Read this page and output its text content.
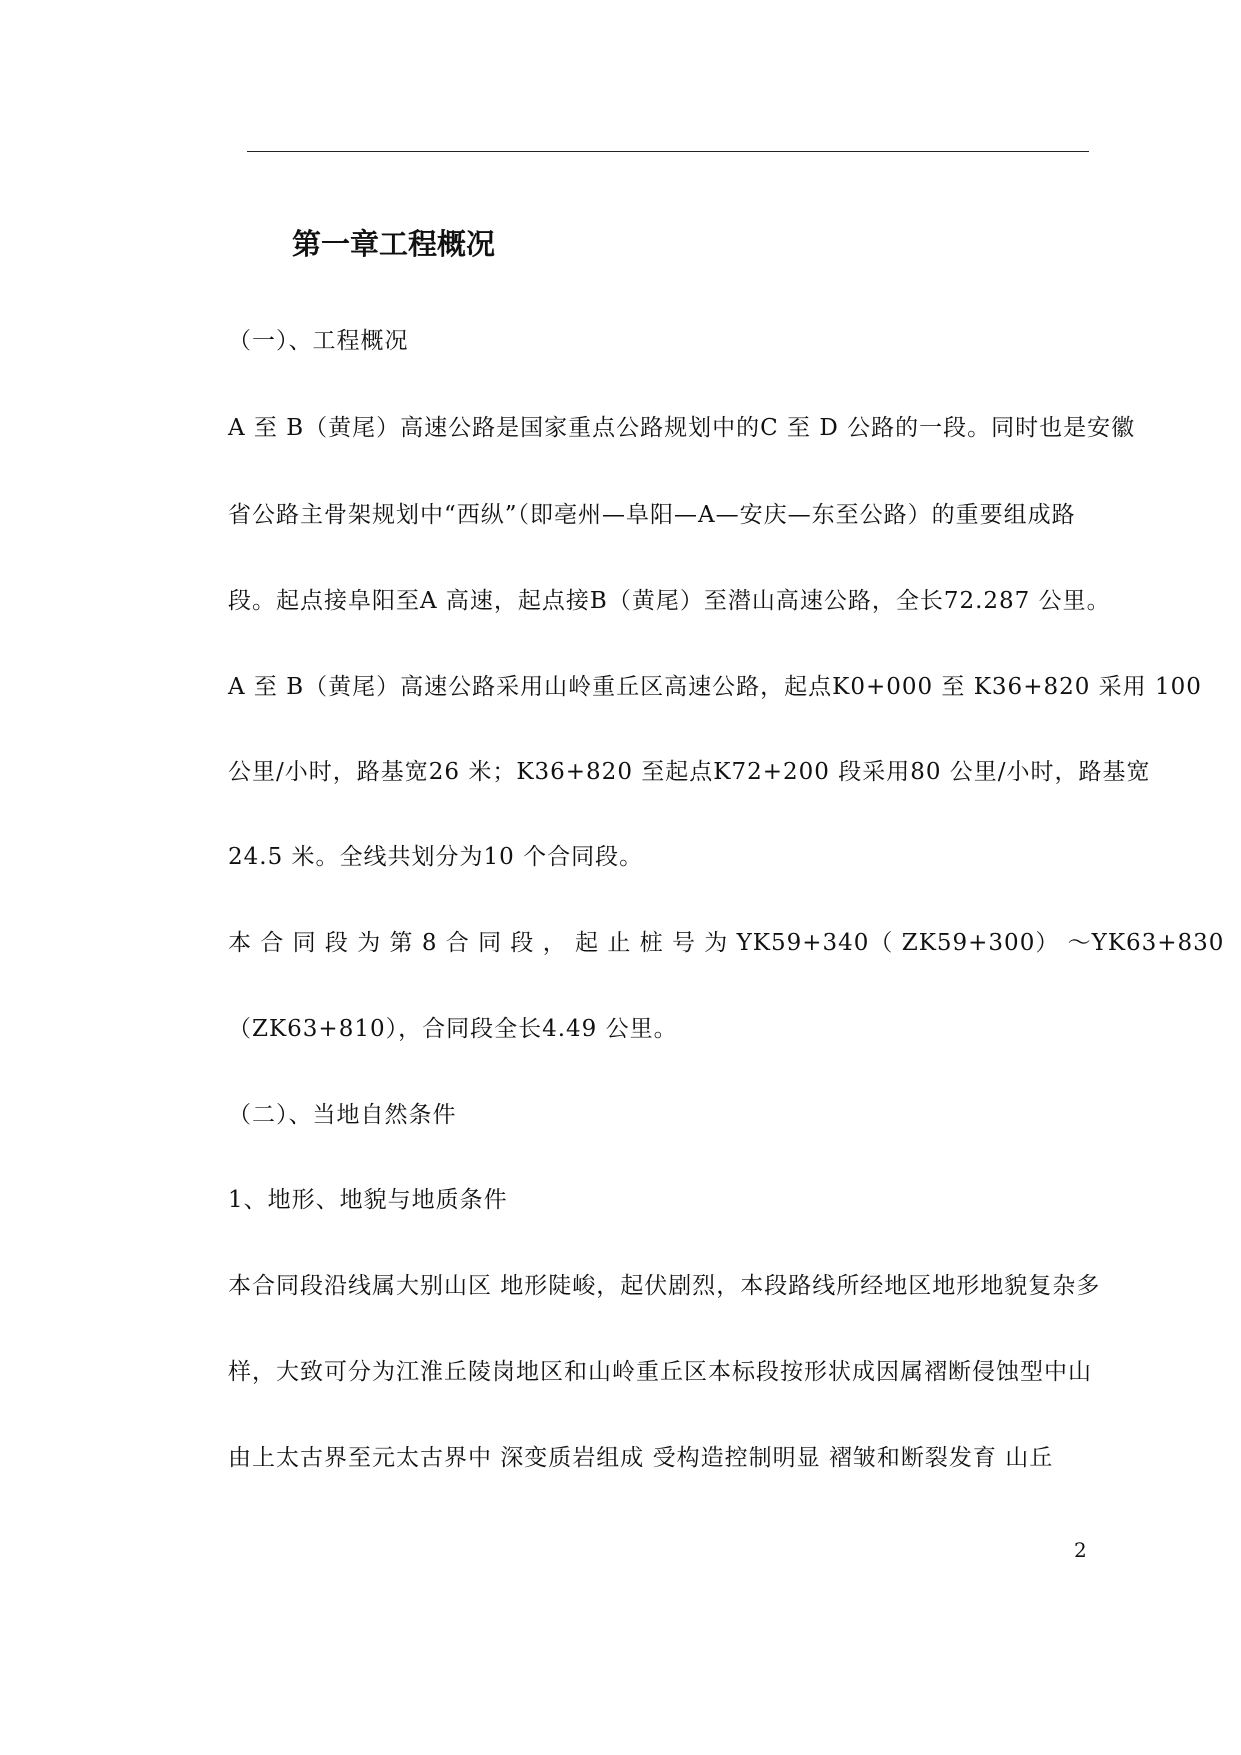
第一章工程概况
（一）、工程概况
A 至 B（黄尾）高速公路是国家重点公路规划中的C 至 D 公路的一段。同时也是安徽
省公路主骨架规划中“西纵”（即亳州—阜阳—A—安庆—东至公路）的重要组成路
段。起点接阜阳至A 高速，起点接B（黄尾）至潜山高速公路，全长72.287 公里。
A 至 B（黄尾）高速公路采用山岭重丘区高速公路，起点K0+000 至 K36+820 采用 100
公里/小时，路基宽26 米；K36+820 至起点K72+200 段采用80 公里/小时，路基宽
24.5 米。全线共划分为10 个合同段。
本 合 同 段 为 第 8 合 同 段 ， 起 止 桩 号 为 YK59+340（ ZK59+300） ～YK63+830
（ZK63+810），合同段全长4.49 公里。
（二）、当地自然条件
1、地形、地貌与地质条件
本合同段沿线属大别山区 地形陡峻，起伏剧烈，本段路线所经地区地形地貌复杂多
样，大致可分为江淮丘陵岗地区和山岭重丘区本标段按形状成因属褶断侵蚀型中山
由上太古界至元太古界中 深变质岩组成 受构造控制明显 褶皱和断裂发育 山丘
2
